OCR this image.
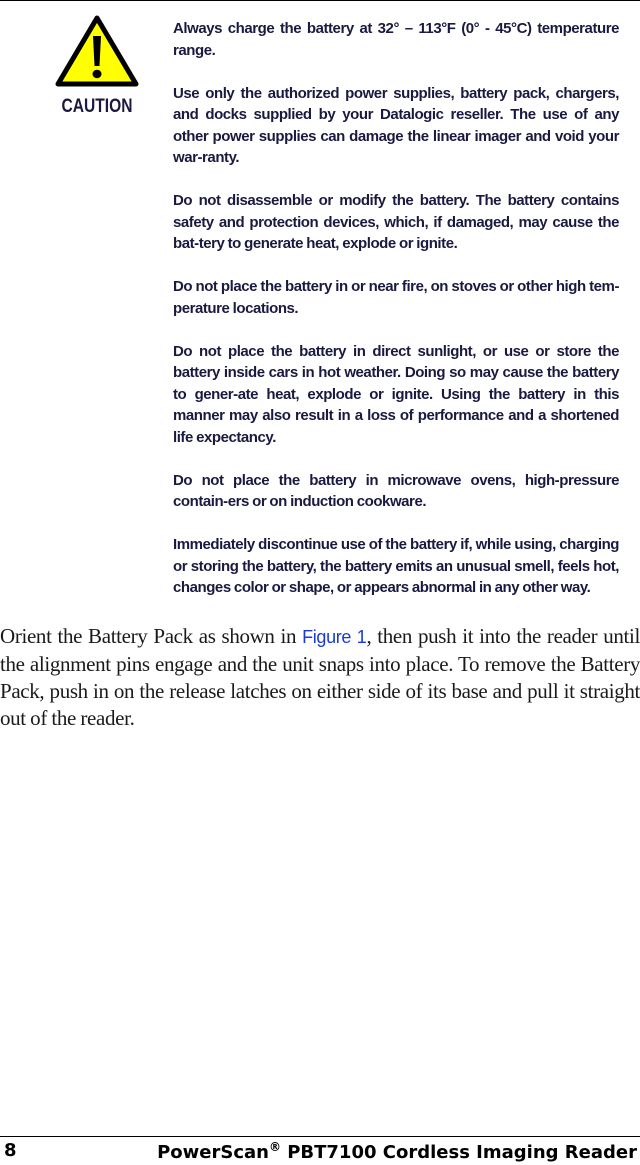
CAUTION

Always charge the battery at 32° – 113°F (0° - 45°C) temperature range.

Use only the authorized power supplies, battery pack, chargers, and docks supplied by your Datalogic reseller. The use of any other power supplies can damage the linear imager and void your war-ranty.

Do not disassemble or modify the battery. The battery contains safety and protection devices, which, if damaged, may cause the bat-tery to generate heat, explode or ignite.

Do not place the battery in or near fire, on stoves or other high tem-perature locations.

Do not place the battery in direct sunlight, or use or store the battery inside cars in hot weather. Doing so may cause the battery to gener-ate heat, explode or ignite. Using the battery in this manner may also result in a loss of performance and a shortened life expectancy.

Do not place the battery in microwave ovens, high-pressure contain-ers or on induction cookware.

Immediately discontinue use of the battery if, while using, charging or storing the battery, the battery emits an unusual smell, feels hot, changes color or shape, or appears abnormal in any other way.

Orient the Battery Pack as shown in Figure 1, then push it into the reader until the alignment pins engage and the unit snaps into place. To remove the Battery Pack, push in on the release latches on either side of its base and pull it straight out of the reader.
8	PowerScan® PBT7100 Cordless Imaging Reader
